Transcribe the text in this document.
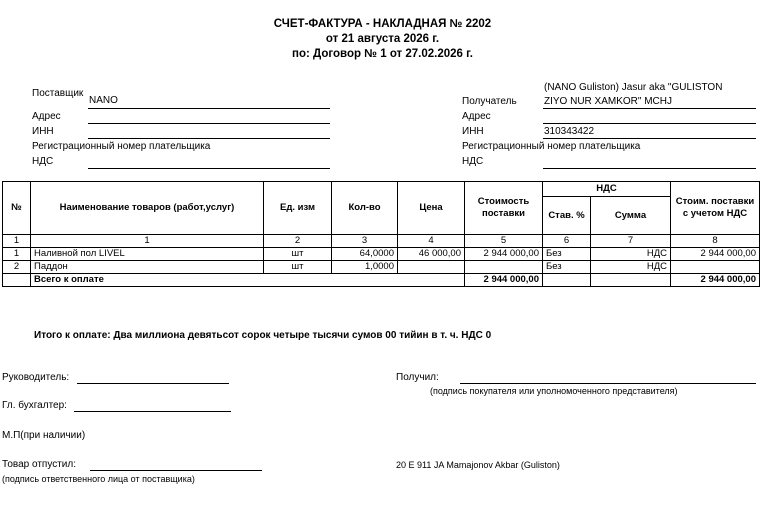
СЧЕТ-ФАКТУРА - НАКЛАДНАЯ № 2202
от 21 августа 2026 г.
по: Договор № 1 от 27.02.2026 г.
Поставщик
NANO
Адрес
ИНН
Регистрационный номер плательщика
НДС
(NANO Guliston) Jasur aka "GULISTON
Получатель	ZIYO NUR XAMKOR" MCHJ
Адрес
ИНН	310343422
Регистрационный номер плательщика
НДС
№	Наименование товаров (работ,услуг)	Ед. изм	Кол-во	Цена	Стоимость поставки	НДС		Стоим. поставки с учетом НДС
						Став. %	Сумма	
1	1	2	3	4	5	6	7	8
1	Наливной пол LIVEL	шт	64,0000	46 000,00	2 944 000,00	Без	НДС	2 944 000,00
2	Паддон	шт	1,0000			Без	НДС	
	Всего к оплате				2 944 000,00			2 944 000,00
Итого к оплате: Два миллиона девятьсот сорок четыре тысячи сумов 00 тийин в т. ч. НДС 0
Руководитель:
Гл. бухгалтер:
М.П(при наличии)
Товар отпустил:
(подпись ответственного лица от поставщика)
Получил:
(подпись покупателя или уполномоченного представителя)
20 E 911 JA Mamajonov Akbar (Guliston)
